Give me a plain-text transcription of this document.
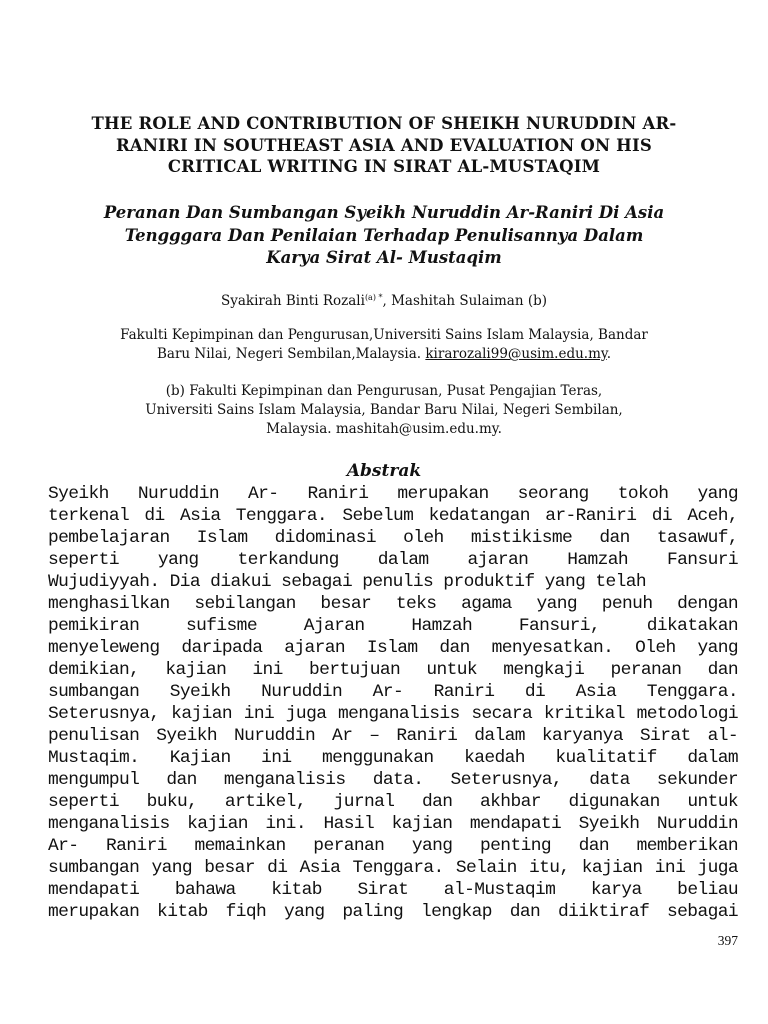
THE ROLE AND CONTRIBUTION OF SHEIKH NURUDDIN AR-
RANIRI IN SOUTHEAST ASIA AND EVALUATION ON HIS
CRITICAL WRITING IN SIRAT AL-MUSTAQIM
Peranan Dan Sumbangan Syeikh Nuruddin Ar-Raniri Di Asia
Tengggara Dan Penilaian Terhadap Penulisannya Dalam
Karya Sirat Al- Mustaqim
Syakirah Binti Rozali$^{(a) *}$, Mashitah Sulaiman (b)
Fakulti Kepimpinan dan Pengurusan,Universiti Sains Islam Malaysia, Bandar
Baru Nilai, Negeri Sembilan,Malaysia. kirarozali99@usim.edu.my.
(b) Fakulti Kepimpinan dan Pengurusan, Pusat Pengajian Teras,
Universiti Sains Islam Malaysia, Bandar Baru Nilai, Negeri Sembilan,
Malaysia. mashitah@usim.edu.my.
Abstrak
Syeikh Nuruddin Ar- Raniri merupakan seorang tokoh yang
terkenal di Asia Tenggara. Sebelum kedatangan ar-Raniri di Aceh,
pembelajaran Islam didominasi oleh mistikisme dan tasawuf,
seperti yang terkandung dalam ajaran Hamzah Fansuri
Wujudiyyah. Dia diakui sebagai penulis produktif yang telah
menghasilkan sebilangan besar teks agama yang penuh dengan
pemikiran sufisme Ajaran Hamzah Fansuri, dikatakan
menyeleweng daripada ajaran Islam dan menyesatkan. Oleh yang
demikian, kajian ini bertujuan untuk mengkaji peranan dan
sumbangan Syeikh Nuruddin Ar- Raniri di Asia Tenggara.
Seterusnya, kajian ini juga menganalisis secara kritikal metodologi
penulisan Syeikh Nuruddin Ar – Raniri dalam karyanya Sirat al-
Mustaqim. Kajian ini menggunakan kaedah kualitatif dalam
mengumpul dan menganalisis data. Seterusnya, data sekunder
seperti buku, artikel, jurnal dan akhbar digunakan untuk
menganalisis kajian ini. Hasil kajian mendapati Syeikh Nuruddin
Ar- Raniri memainkan peranan yang penting dan memberikan
sumbangan yang besar di Asia Tenggara. Selain itu, kajian ini juga
mendapati bahawa kitab Sirat al-Mustaqim karya beliau
merupakan kitab fiqh yang paling lengkap dan diiktiraf sebagai
397
